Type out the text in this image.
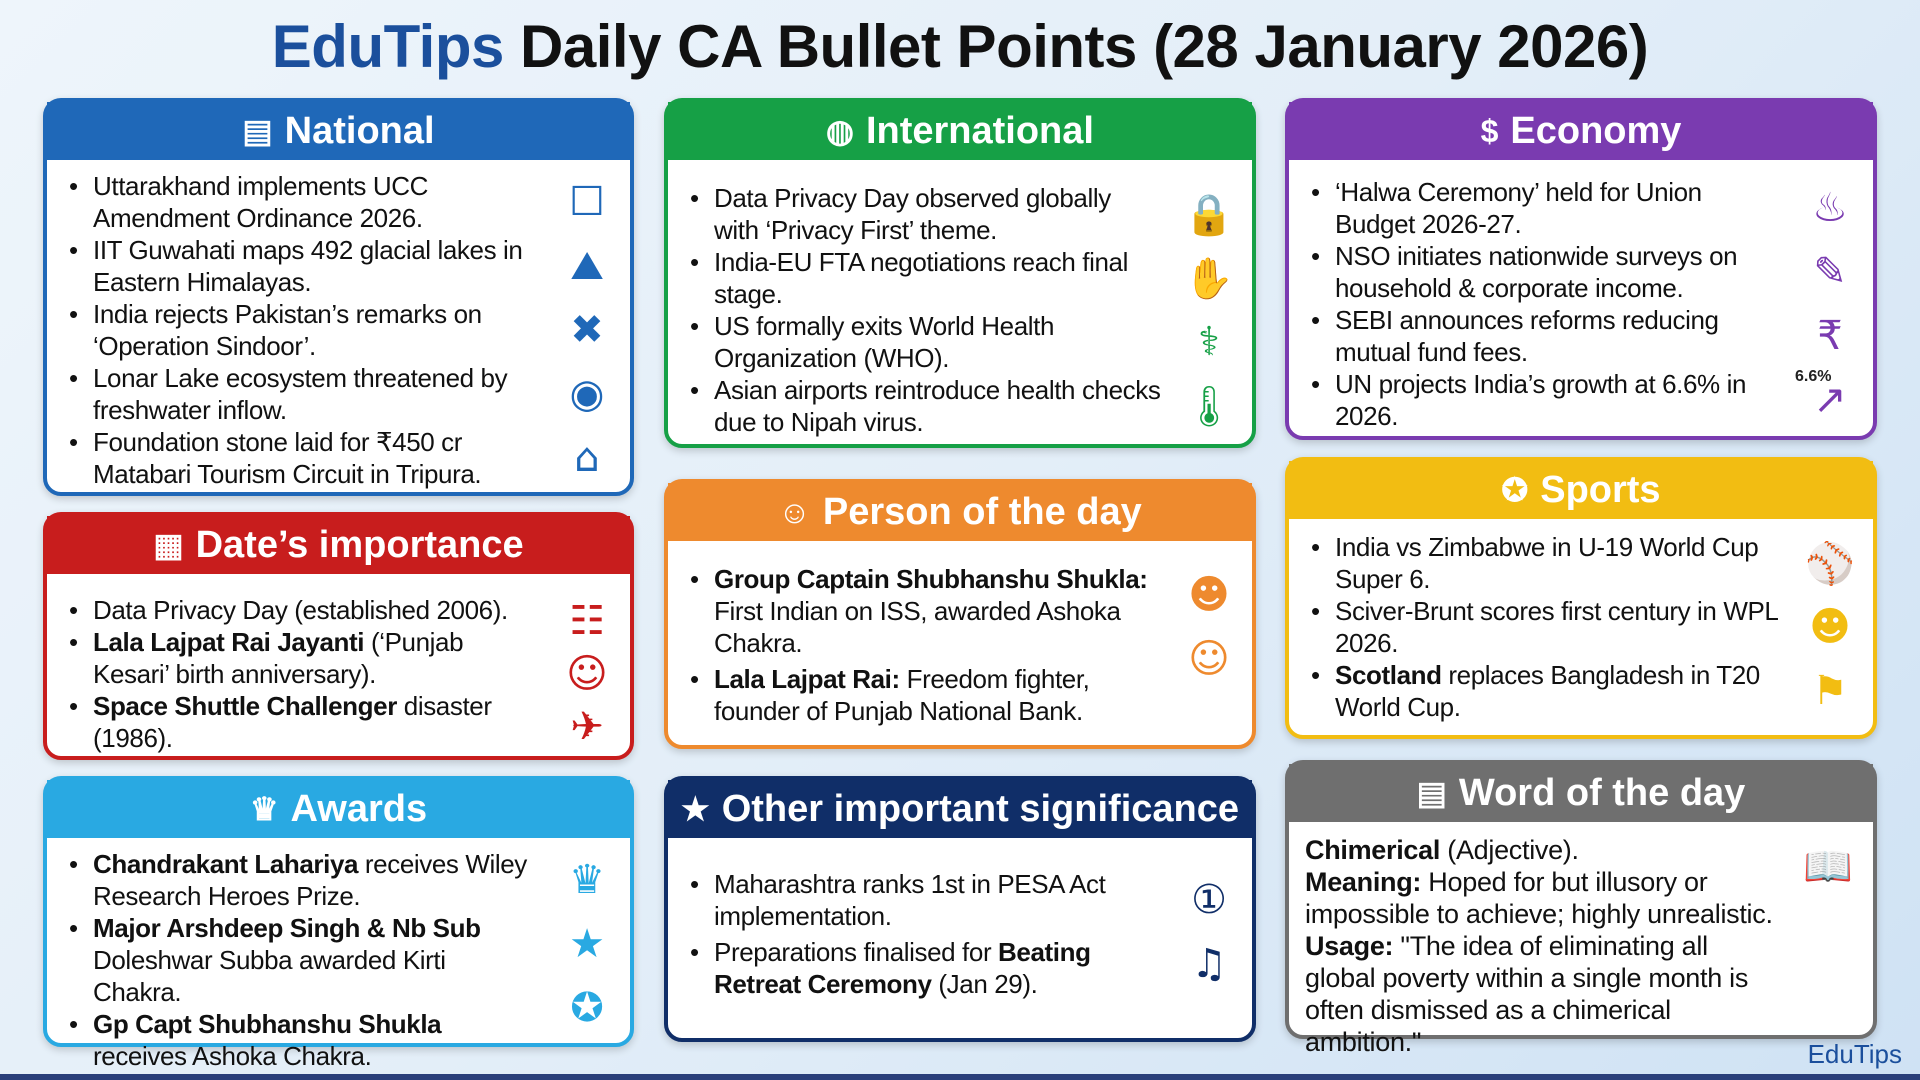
EduTips Daily CA Bullet Points (28 January 2026)
▤ National
• Uttarakhand implements UCC Amendment Ordinance 2026.
• IIT Guwahati maps 492 glacial lakes in Eastern Himalayas.
• India rejects Pakistan’s remarks on ‘Operation Sindoor’.
• Lonar Lake ecosystem threatened by freshwater inflow.
• Foundation stone laid for ₹450 cr Matabari Tourism Circuit in Tripura.
☐
⛰
✖
◉
⌂
◍ International
• Data Privacy Day observed globally with ‘Privacy First’ theme.
• India-EU FTA negotiations reach final stage.
• US formally exits World Health Organization (WHO).
• Asian airports reintroduce health checks due to Nipah virus.
🔒
✋
⚕
🌡
$ Economy
• ‘Halwa Ceremony’ held for Union Budget 2026-27.
• NSO initiates nationwide surveys on household & corporate income.
• SEBI announces reforms reducing mutual fund fees.
• UN projects India’s growth at 6.6% in 2026.
♨
✎
₹
↗
6.6%
▦ Date’s importance
• Data Privacy Day (established 2006).
• Lala Lajpat Rai Jayanti (‘Punjab Kesari’ birth anniversary).
• Space Shuttle Challenger disaster (1986).
☷
☺
✈
☺ Person of the day
• Group Captain Shubhanshu Shukla: First Indian on ISS, awarded Ashoka Chakra.
• Lala Lajpat Rai: Freedom fighter, founder of Punjab National Bank.
☻
☺
✪ Sports
• India vs Zimbabwe in U-19 World Cup Super 6.
• Sciver-Brunt scores first century in WPL 2026.
• Scotland replaces Bangladesh in T20 World Cup.
⚾
☻
⚑
♛ Awards
• Chandrakant Lahariya receives Wiley Research Heroes Prize.
• Major Arshdeep Singh & Nb Sub Doleshwar Subba awarded Kirti Chakra.
• Gp Capt Shubhanshu Shukla receives Ashoka Chakra.
♛
★
✪
★ Other important significance
• Maharashtra ranks 1st in PESA Act implementation.
• Preparations finalised for Beating Retreat Ceremony (Jan 29).
①
♫
▤ Word of the day
Chimerical (Adjective).
Meaning: Hoped for but illusory or impossible to achieve; highly unrealistic.
Usage: "The idea of eliminating all global poverty within a single month is often dismissed as a chimerical ambition."
📖
EduTips
